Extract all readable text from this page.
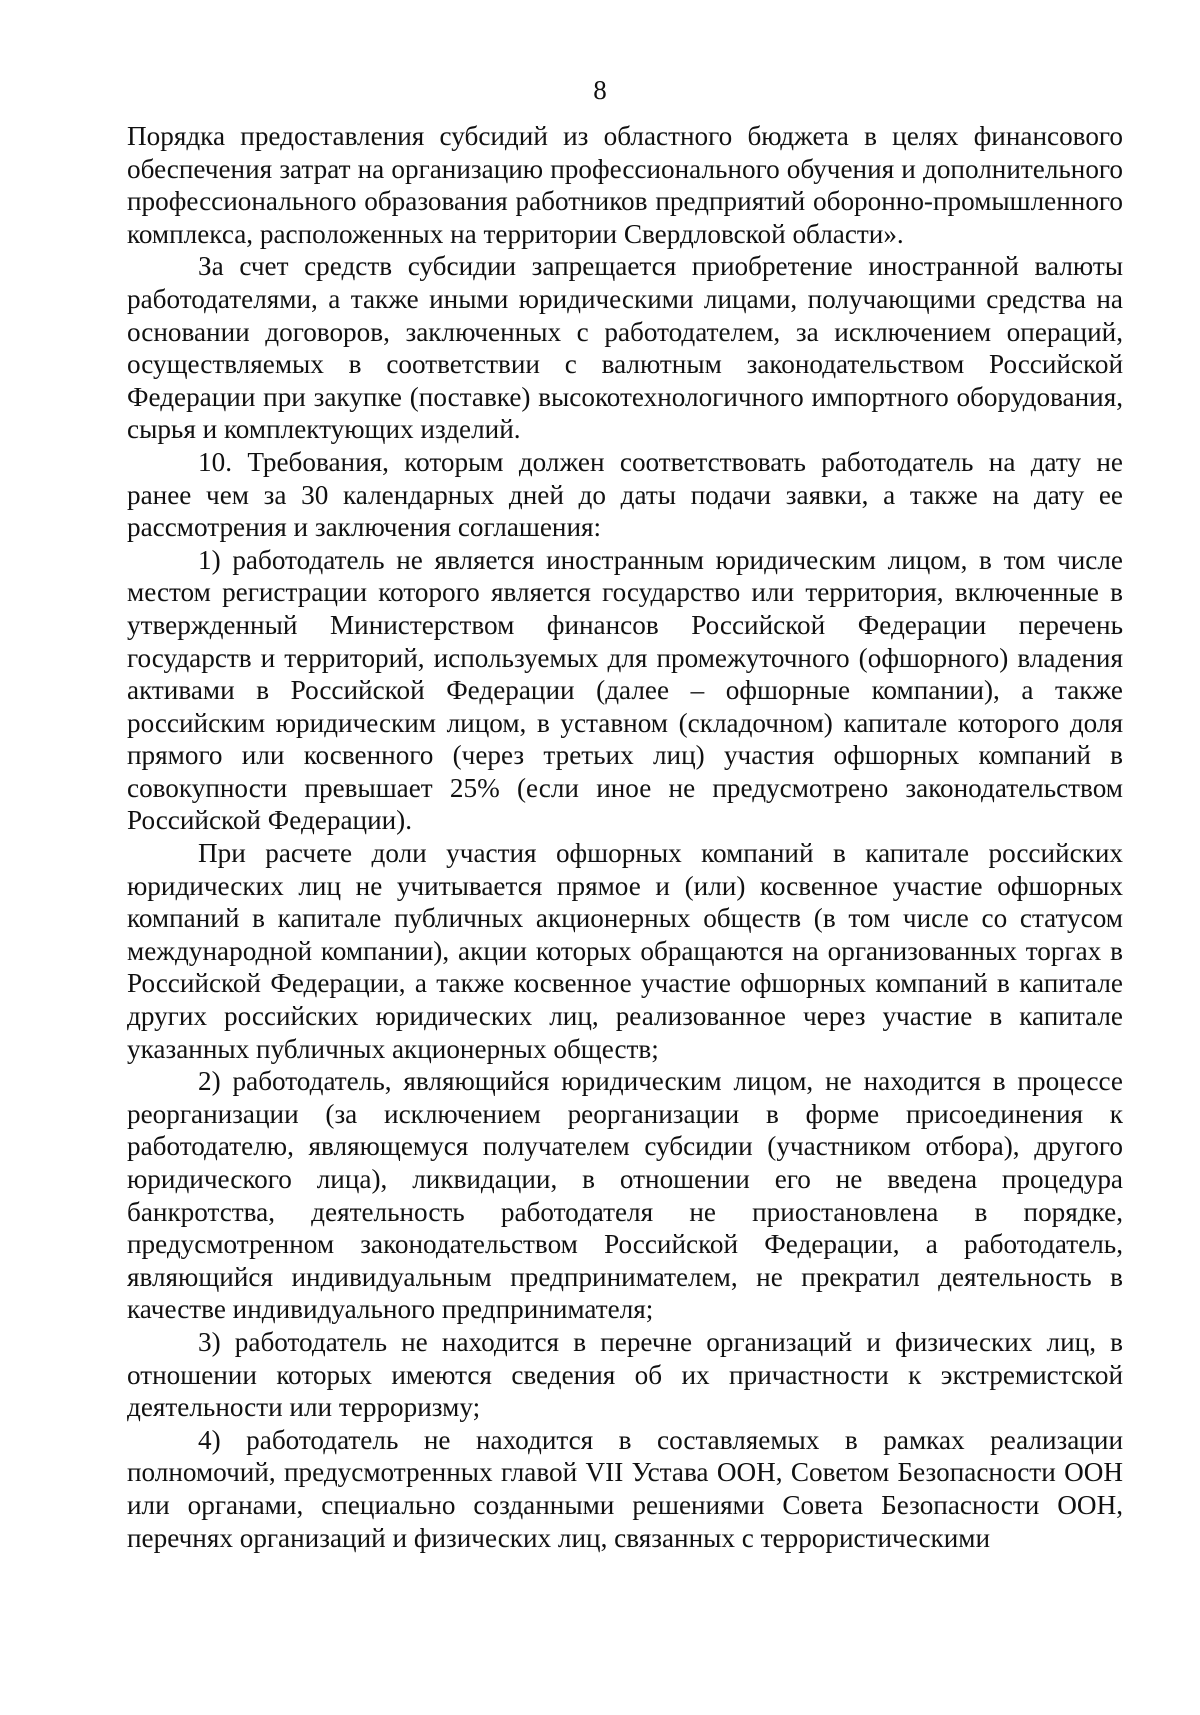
8

Порядка предоставления субсидий из областного бюджета в целях финансового обеспечения затрат на организацию профессионального обучения и дополнительного профессионального образования работников предприятий оборонно-промышленного комплекса, расположенных на территории Свердловской области».

За счет средств субсидии запрещается приобретение иностранной валюты работодателями, а также иными юридическими лицами, получающими средства на основании договоров, заключенных с работодателем, за исключением операций, осуществляемых в соответствии с валютным законодательством Российской Федерации при закупке (поставке) высокотехнологичного импортного оборудования, сырья и комплектующих изделий.

10. Требования, которым должен соответствовать работодатель на дату не ранее чем за 30 календарных дней до даты подачи заявки, а также на дату ее рассмотрения и заключения соглашения:

1) работодатель не является иностранным юридическим лицом, в том числе местом регистрации которого является государство или территория, включенные в утвержденный Министерством финансов Российской Федерации перечень государств и территорий, используемых для промежуточного (офшорного) владения активами в Российской Федерации (далее – офшорные компании), а также российским юридическим лицом, в уставном (складочном) капитале которого доля прямого или косвенного (через третьих лиц) участия офшорных компаний в совокупности превышает 25% (если иное не предусмотрено законодательством Российской Федерации).

При расчете доли участия офшорных компаний в капитале российских юридических лиц не учитывается прямое и (или) косвенное участие офшорных компаний в капитале публичных акционерных обществ (в том числе со статусом международной компании), акции которых обращаются на организованных торгах в Российской Федерации, а также косвенное участие офшорных компаний в капитале других российских юридических лиц, реализованное через участие в капитале указанных публичных акционерных обществ;

2) работодатель, являющийся юридическим лицом, не находится в процессе реорганизации (за исключением реорганизации в форме присоединения к работодателю, являющемуся получателем субсидии (участником отбора), другого юридического лица), ликвидации, в отношении его не введена процедура банкротства, деятельность работодателя не приостановлена в порядке, предусмотренном законодательством Российской Федерации, а работодатель, являющийся индивидуальным предпринимателем, не прекратил деятельность в качестве индивидуального предпринимателя;

3) работодатель не находится в перечне организаций и физических лиц, в отношении которых имеются сведения об их причастности к экстремистской деятельности или терроризму;

4) работодатель не находится в составляемых в рамках реализации полномочий, предусмотренных главой VII Устава ООН, Советом Безопасности ООН или органами, специально созданными решениями Совета Безопасности ООН, перечнях организаций и физических лиц, связанных с террористическими
